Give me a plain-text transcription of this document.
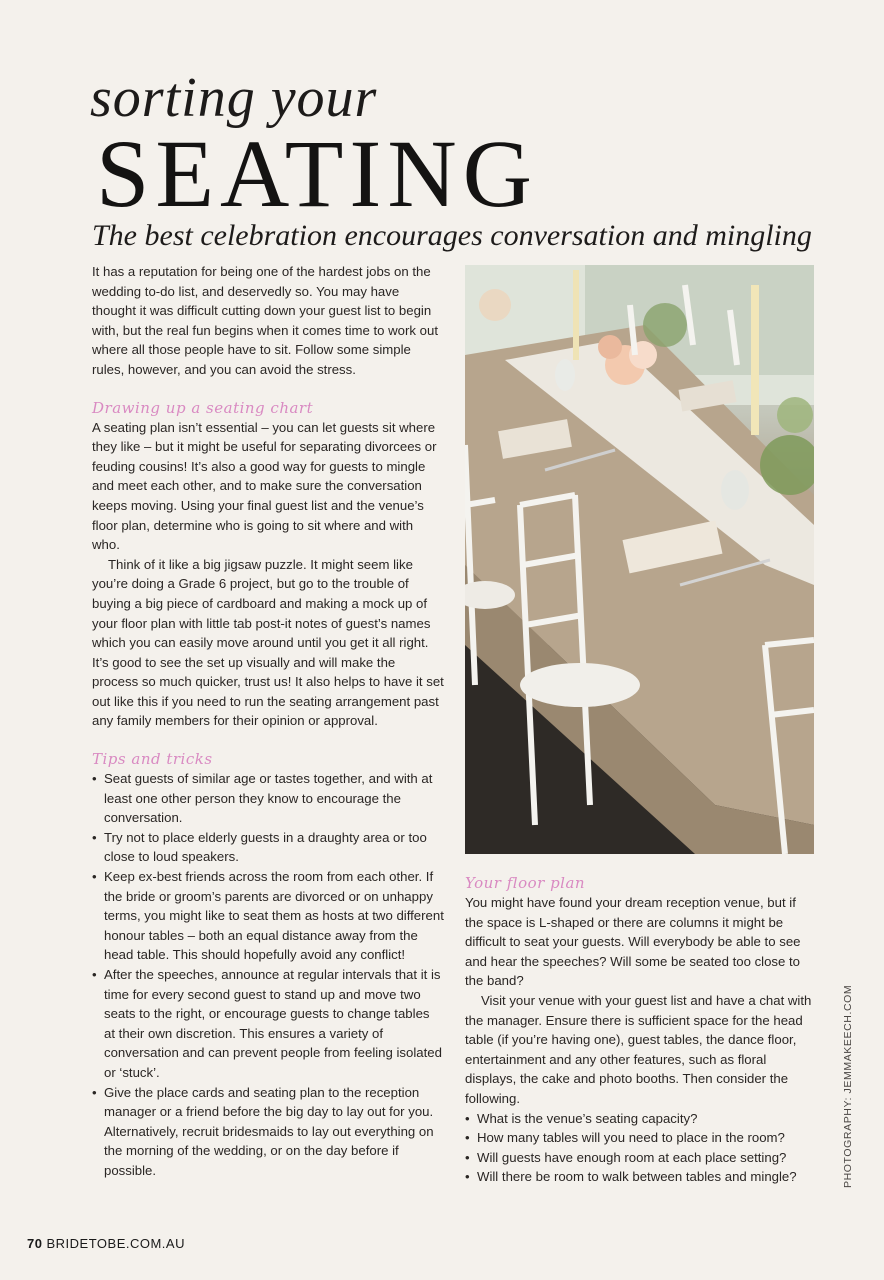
sorting your
SEATING
The best celebration encourages conversation and mingling

It has a reputation for being one of the hardest jobs on the wedding to-do list, and deservedly so. You may have thought it was difficult cutting down your guest list to begin with, but the real fun begins when it comes time to work out where all those people have to sit. Follow some simple rules, however, and you can avoid the stress.

Drawing up a seating chart

A seating plan isn’t essential – you can let guests sit where they like – but it might be useful for separating divorcees or feuding cousins! It’s also a good way for guests to mingle and meet each other, and to make sure the conversation keeps moving. Using your final guest list and the venue’s floor plan, determine who is going to sit where and with who.

Think of it like a big jigsaw puzzle. It might seem like you’re doing a Grade 6 project, but go to the trouble of buying a big piece of cardboard and making a mock up of your floor plan with little tab post-it notes of guest’s names which you can easily move around until you get it all right. It’s good to see the set up visually and will make the process so much quicker, trust us! It also helps to have it set out like this if you need to run the seating arrangement past any family members for their opinion or approval.

Tips and tricks
• Seat guests of similar age or tastes together, and with at least one other person they know to encourage the conversation.
• Try not to place elderly guests in a draughty area or too close to loud speakers.
• Keep ex-best friends across the room from each other. If the bride or groom’s parents are divorced or on unhappy terms, you might like to seat them as hosts at two different honour tables – both an equal distance away from the head table. This should hopefully avoid any conflict!
• After the speeches, announce at regular intervals that it is time for every second guest to stand up and move two seats to the right, or encourage guests to change tables at their own discretion. This ensures a variety of conversation and can prevent people from feeling isolated or ‘stuck’.
• Give the place cards and seating plan to the reception manager or a friend before the big day to lay out for you. Alternatively, recruit bridesmaids to lay out everything on the morning of the wedding, or on the day before if possible.
Your floor plan

You might have found your dream reception venue, but if the space is L-shaped or there are columns it might be difficult to seat your guests. Will everybody be able to see and hear the speeches? Will some be seated too close to the band?

Visit your venue with your guest list and have a chat with the manager. Ensure there is sufficient space for the head table (if you’re having one), guest tables, the dance floor, entertainment and any other features, such as floral displays, the cake and photo booths. Then consider the following.

• What is the venue’s seating capacity?
• How many tables will you need to place in the room?
• Will guests have enough room at each place setting?
• Will there be room to walk between tables and mingle?	PHOTOGRAPHY: JEMMAKEECH.COM
70 BRIDETOBE.COM.AU
